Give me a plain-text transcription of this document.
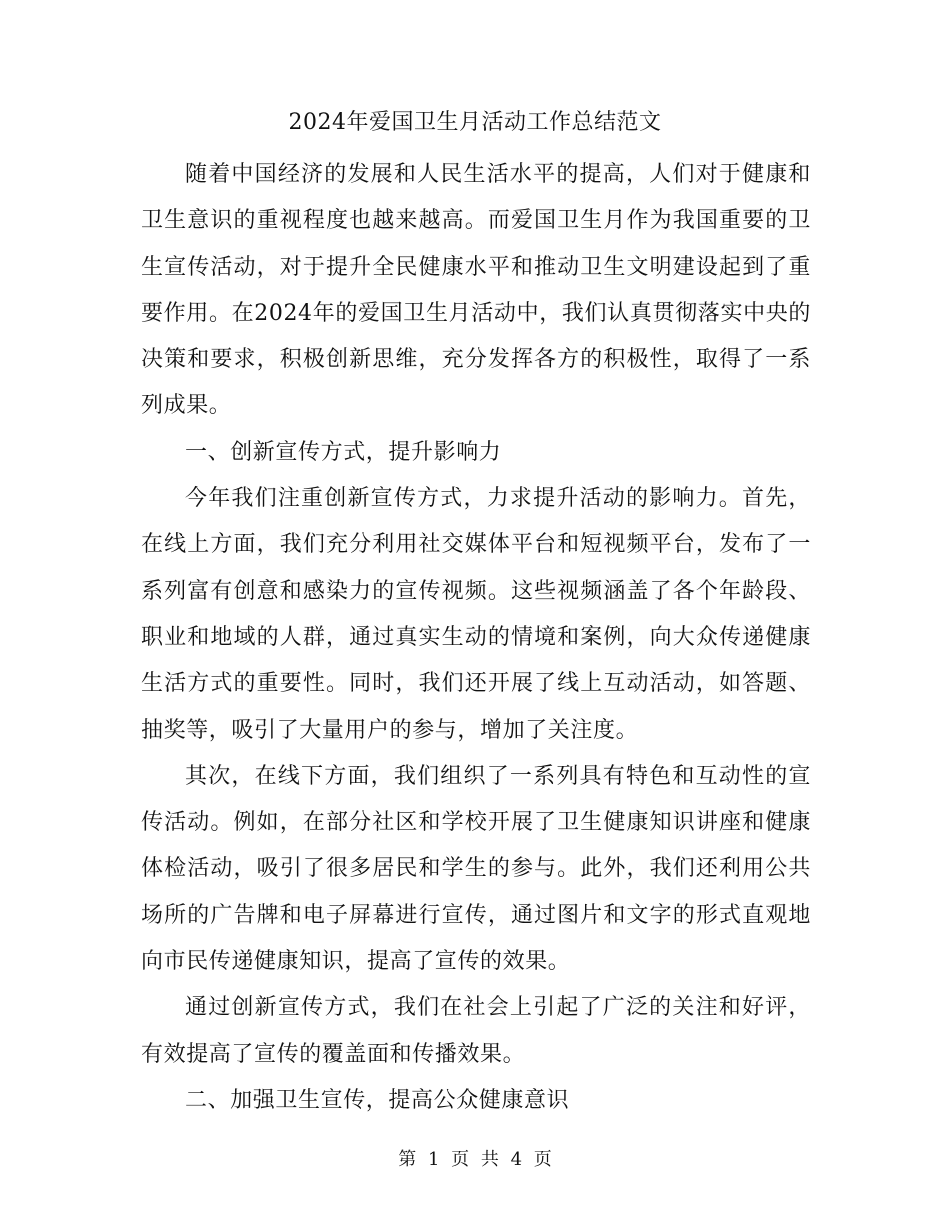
2024年爱国卫生月活动工作总结范文

随着中国经济的发展和人民生活水平的提高，人们对于健康和卫生意识的重视程度也越来越高。而爱国卫生月作为我国重要的卫生宣传活动，对于提升全民健康水平和推动卫生文明建设起到了重要作用。在2024年的爱国卫生月活动中，我们认真贯彻落实中央的决策和要求，积极创新思维，充分发挥各方的积极性，取得了一系列成果。

一、创新宣传方式，提升影响力

今年我们注重创新宣传方式，力求提升活动的影响力。首先，在线上方面，我们充分利用社交媒体平台和短视频平台，发布了一系列富有创意和感染力的宣传视频。这些视频涵盖了各个年龄段、职业和地域的人群，通过真实生动的情境和案例，向大众传递健康生活方式的重要性。同时，我们还开展了线上互动活动，如答题、抽奖等，吸引了大量用户的参与，增加了关注度。

其次，在线下方面，我们组织了一系列具有特色和互动性的宣传活动。例如，在部分社区和学校开展了卫生健康知识讲座和健康体检活动，吸引了很多居民和学生的参与。此外，我们还利用公共场所的广告牌和电子屏幕进行宣传，通过图片和文字的形式直观地向市民传递健康知识，提高了宣传的效果。

通过创新宣传方式，我们在社会上引起了广泛的关注和好评，有效提高了宣传的覆盖面和传播效果。

二、加强卫生宣传，提高公众健康意识

第 1 页 共 4 页
